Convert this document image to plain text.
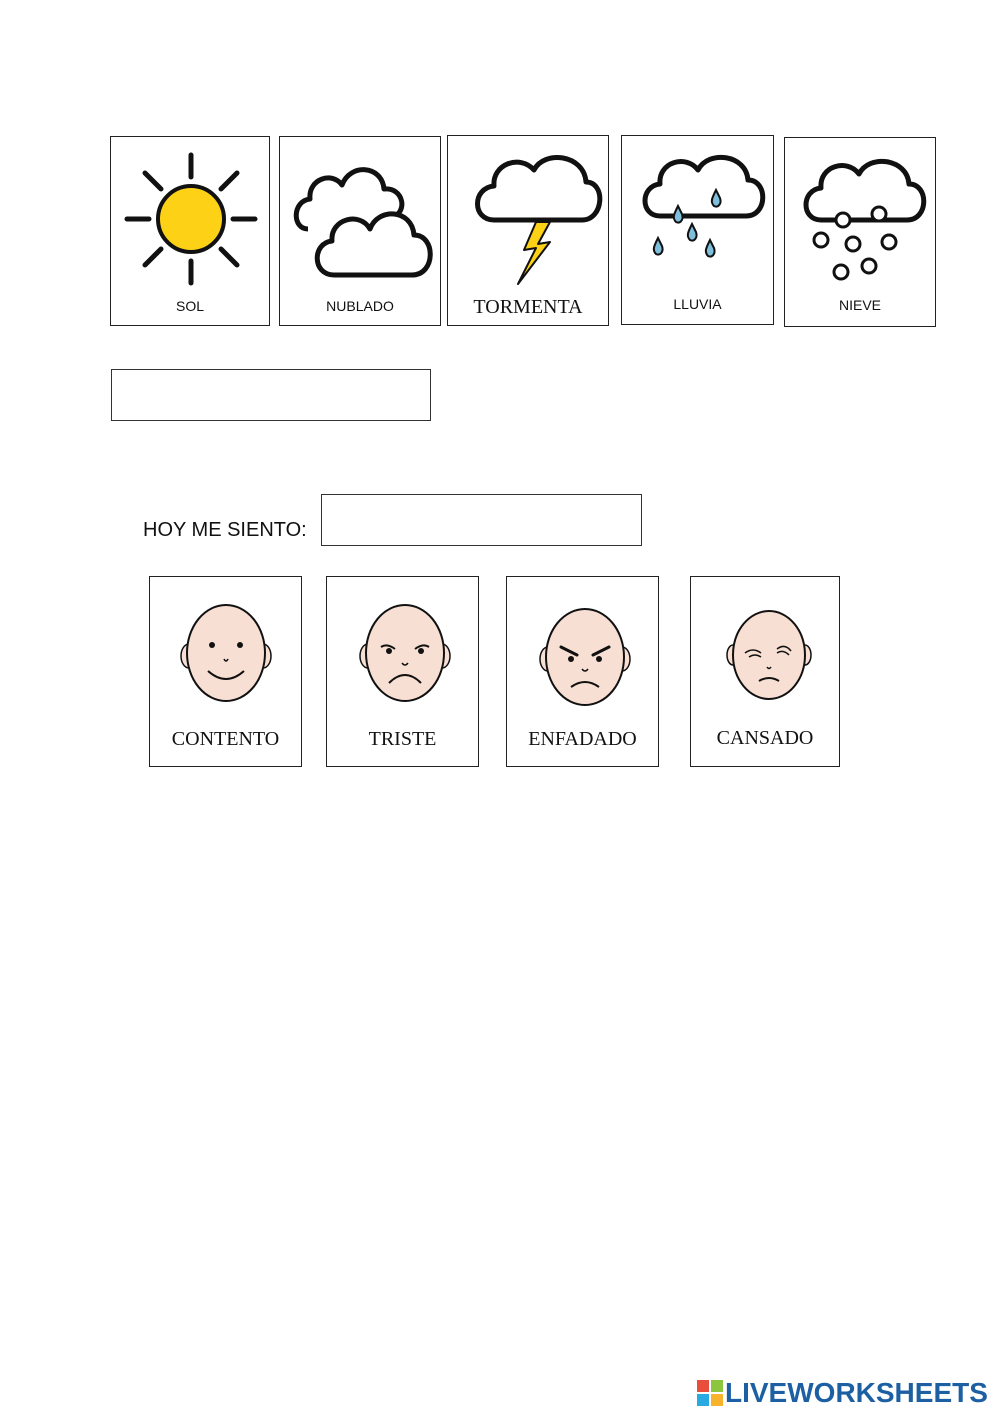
SOL	NUBLADO	TORMENTA	LLUVIA	NIEVE
HOY ME SIENTO:
CONTENTO	TRISTE	ENFADADO	CANSADO
LIVEWORKSHEETS
